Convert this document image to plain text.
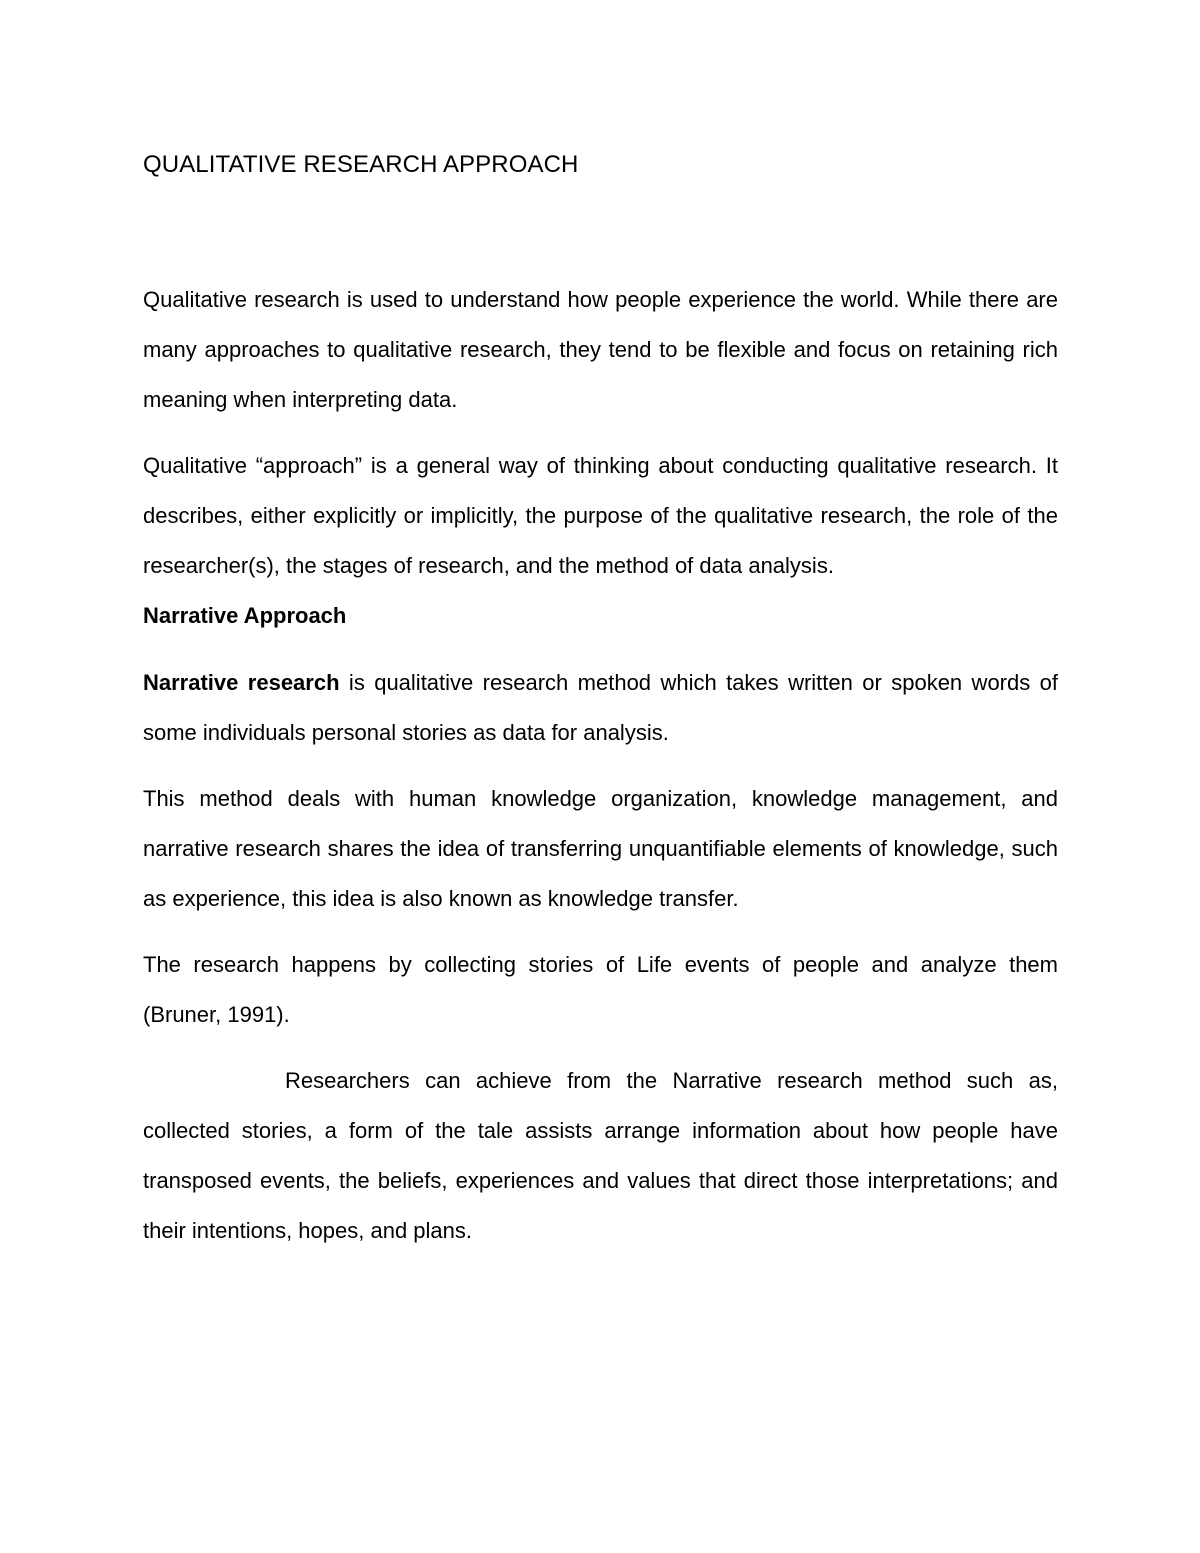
QUALITATIVE RESEARCH APPROACH

Qualitative research is used to understand how people experience the world. While there are many approaches to qualitative research, they tend to be flexible and focus on retaining rich meaning when interpreting data.

Qualitative “approach” is a general way of thinking about conducting qualitative research. It describes, either explicitly or implicitly, the purpose of the qualitative research, the role of the researcher(s), the stages of research, and the method of data analysis.

Narrative Approach

Narrative research is qualitative research method which takes written or spoken words of some individuals personal stories as data for analysis.

This method deals with human knowledge organization, knowledge management, and narrative research shares the idea of transferring unquantifiable elements of knowledge, such as experience, this idea is also known as knowledge transfer.

The research happens by collecting stories of Life events of people and analyze them (Bruner, 1991).

Researchers can achieve from the Narrative research method such as, collected stories, a form of the tale assists arrange information about how people have transposed events, the beliefs, experiences and values that direct those interpretations; and their intentions, hopes, and plans.
